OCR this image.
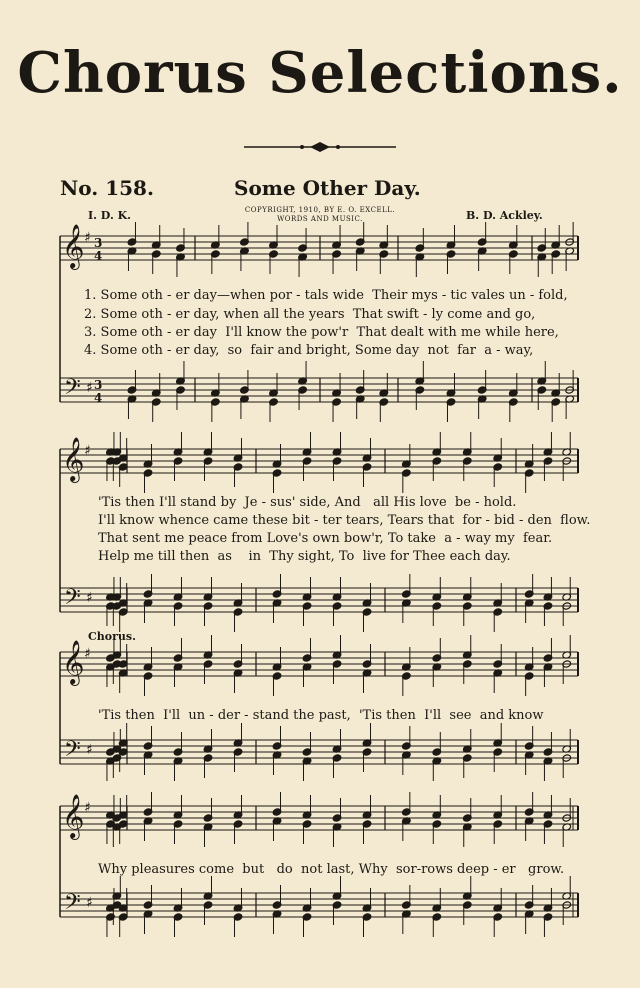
Chorus Selections.
No. 158.	Some Other Day.
I. D. K.	B. D. Ackley.
COPYRIGHT, 1910, BY E. O. EXCELL.
WORDS AND MUSIC.
𝄞
𝄢
♯
♯
3
4
3
4
𝄞
𝄢
♯
♯
𝄞
𝄢
♯
♯
𝄞
𝄢
♯
♯
1. Some oth - er day—when por - tals wide  Their mys - tic vales un - fold,
2. Some oth - er day, when all the years  That swift - ly come and go,
3. Some oth - er day  I'll know the pow'r  That dealt with me while here,
4. Some oth - er day,  so  fair and bright, Some day  not  far  a - way,
'Tis then I'll stand by  Je - sus' side, And   all His love  be - hold.
I'll know whence came these bit - ter tears, Tears that  for - bid - den  flow.
That sent me peace from Love's own bow'r, To take  a - way my  fear.
Help me till then  as    in  Thy sight, To  live for Thee each day.
Chorus.
'Tis then  I'll  un - der - stand the past,  'Tis then  I'll  see  and know
Why pleasures come  but   do  not last, Why  sor-rows deep - er   grow.
